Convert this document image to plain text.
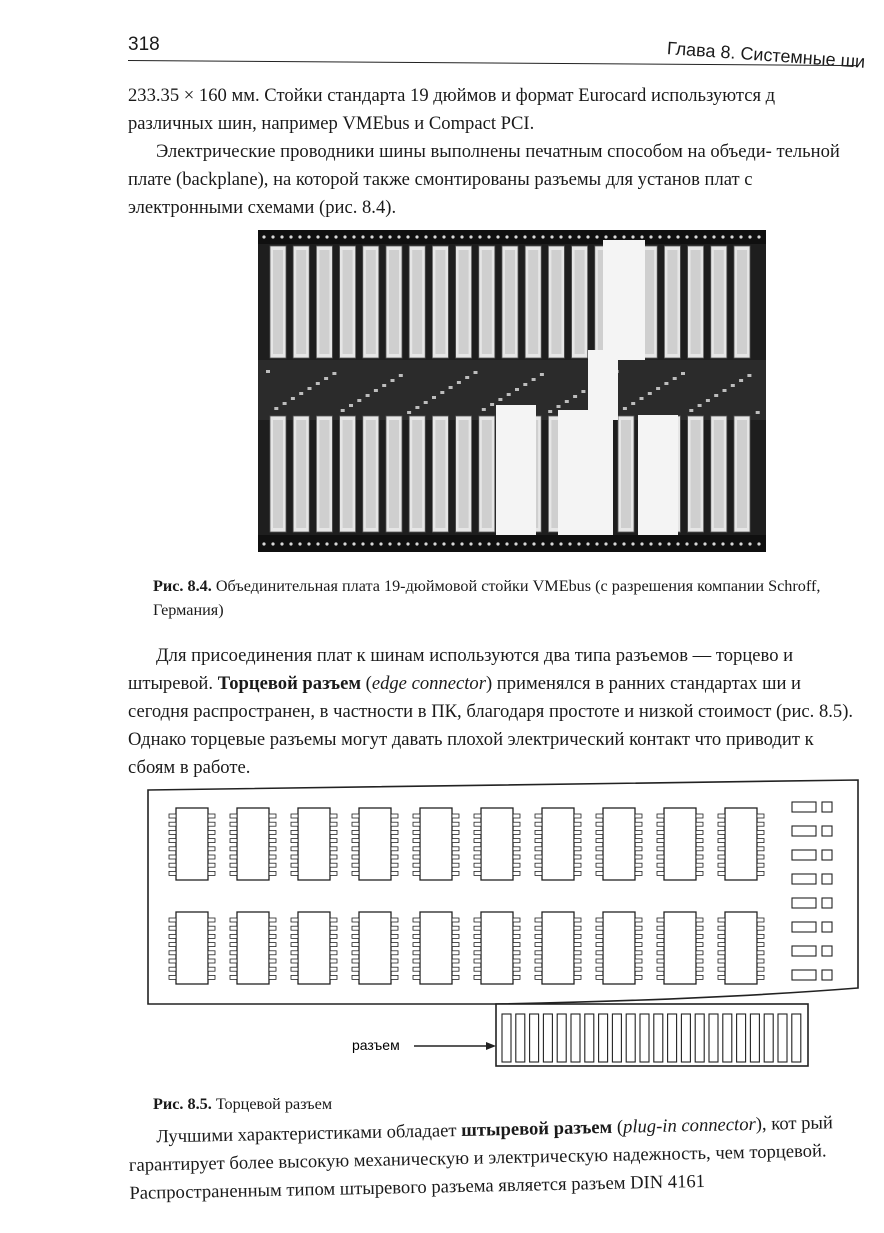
318	Глава 8. Системные ши

233.35 × 160 мм. Стойки стандарта 19 дюймов и формат Eurocard используются д различных шин, например VMEbus и Compact PCI.

Электрические проводники шины выполнены печатным способом на объеди- тельной плате (backplane), на которой также смонтированы разъемы для установ плат с электронными схемами (рис. 8.4).

Рис. 8.4. Объединительная плата 19-дюймовой стойки VMEbus (с разрешения компании Schroff, Германия)

Для присоединения плат к шинам используются два типа разъемов — торцево и штыревой. Торцевой разъем (edge connector) применялся в ранних стандартах ши и сегодня распространен, в частности в ПК, благодаря простоте и низкой стоимост (рис. 8.5). Однако торцевые разъемы могут давать плохой электрический контакт что приводит к сбоям в работе.

разъем

Рис. 8.5. Торцевой разъем

Лучшими характеристиками обладает штыревой разъем (plug-in connector), кот рый гарантирует более высокую механическую и электрическую надежность, чем торцевой. Распространенным типом штыревого разъема является разъем DIN 4161
